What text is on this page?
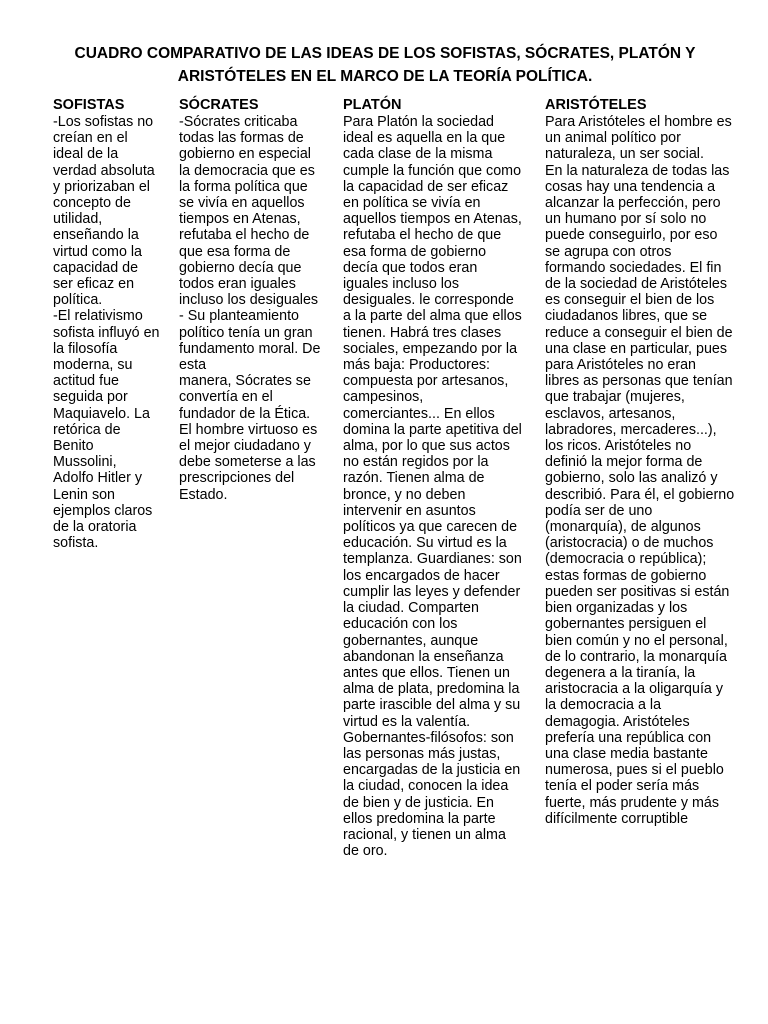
CUADRO COMPARATIVO DE LAS IDEAS DE LOS SOFISTAS, SÓCRATES, PLATÓN Y
ARISTÓTELES EN EL MARCO DE LA TEORÍA POLÍTICA.
SOFISTAS
-Los sofistas no
creían en el
ideal de la
verdad absoluta
y priorizaban el
concepto de
utilidad,
enseñando la
virtud como la
capacidad de
ser eficaz en
política.
-El relativismo
sofista influyó en
la filosofía
moderna, su
actitud fue
seguida por
Maquiavelo. La
retórica de
Benito
Mussolini,
Adolfo Hitler y
Lenin son
ejemplos claros
de la oratoria
sofista.
SÓCRATES
-Sócrates criticaba
todas las formas de
gobierno en especial
la democracia que es
la forma política que
se vivía en aquellos
tiempos en Atenas,
refutaba el hecho de
que esa forma de
gobierno decía que
todos eran iguales
incluso los desiguales
- Su planteamiento
político tenía un gran
fundamento moral. De
esta
manera, Sócrates se
convertía en el
fundador de la Ética.
El hombre virtuoso es
el mejor ciudadano y
debe someterse a las
prescripciones del
Estado.
PLATÓN
Para Platón la sociedad
ideal es aquella en la que
cada clase de la misma
cumple la función que como
la capacidad de ser eficaz
en política se vivía en
aquellos tiempos en Atenas,
refutaba el hecho de que
esa forma de gobierno
decía que todos eran
iguales incluso los
desiguales. le corresponde
a la parte del alma que ellos
tienen. Habrá tres clases
sociales, empezando por la
más baja: Productores:
compuesta por artesanos,
campesinos,
comerciantes... En ellos
domina la parte apetitiva del
alma, por lo que sus actos
no están regidos por la
razón. Tienen alma de
bronce, y no deben
intervenir en asuntos
políticos ya que carecen de
educación. Su virtud es la
templanza. Guardianes: son
los encargados de hacer
cumplir las leyes y defender
la ciudad. Comparten
educación con los
gobernantes, aunque
abandonan la enseñanza
antes que ellos. Tienen un
alma de plata, predomina la
parte irascible del alma y su
virtud es la valentía.
Gobernantes-filósofos: son
las personas más justas,
encargadas de la justicia en
la ciudad, conocen la idea
de bien y de justicia. En
ellos predomina la parte
racional, y tienen un alma
de oro.
ARISTÓTELES
Para Aristóteles el hombre es
un animal político por
naturaleza, un ser social.
En la naturaleza de todas las
cosas hay una tendencia a
alcanzar la perfección, pero
un humano por sí solo no
puede conseguirlo, por eso
se agrupa con otros
formando sociedades. El fin
de la sociedad de Aristóteles
es conseguir el bien de los
ciudadanos libres, que se
reduce a conseguir el bien de
una clase en particular, pues
para Aristóteles no eran
libres as personas que tenían
que trabajar (mujeres,
esclavos, artesanos,
labradores, mercaderes...),
los ricos. Aristóteles no
definió la mejor forma de
gobierno, solo las analizó y
describió. Para él, el gobierno
podía ser de uno
(monarquía), de algunos
(aristocracia) o de muchos
(democracia o república);
estas formas de gobierno
pueden ser positivas si están
bien organizadas y los
gobernantes persiguen el
bien común y no el personal,
de lo contrario, la monarquía
degenera a la tiranía, la
aristocracia a la oligarquía y
la democracia a la
demagogia. Aristóteles
prefería una república con
una clase media bastante
numerosa, pues si el pueblo
tenía el poder sería más
fuerte, más prudente y más
difícilmente corruptible
